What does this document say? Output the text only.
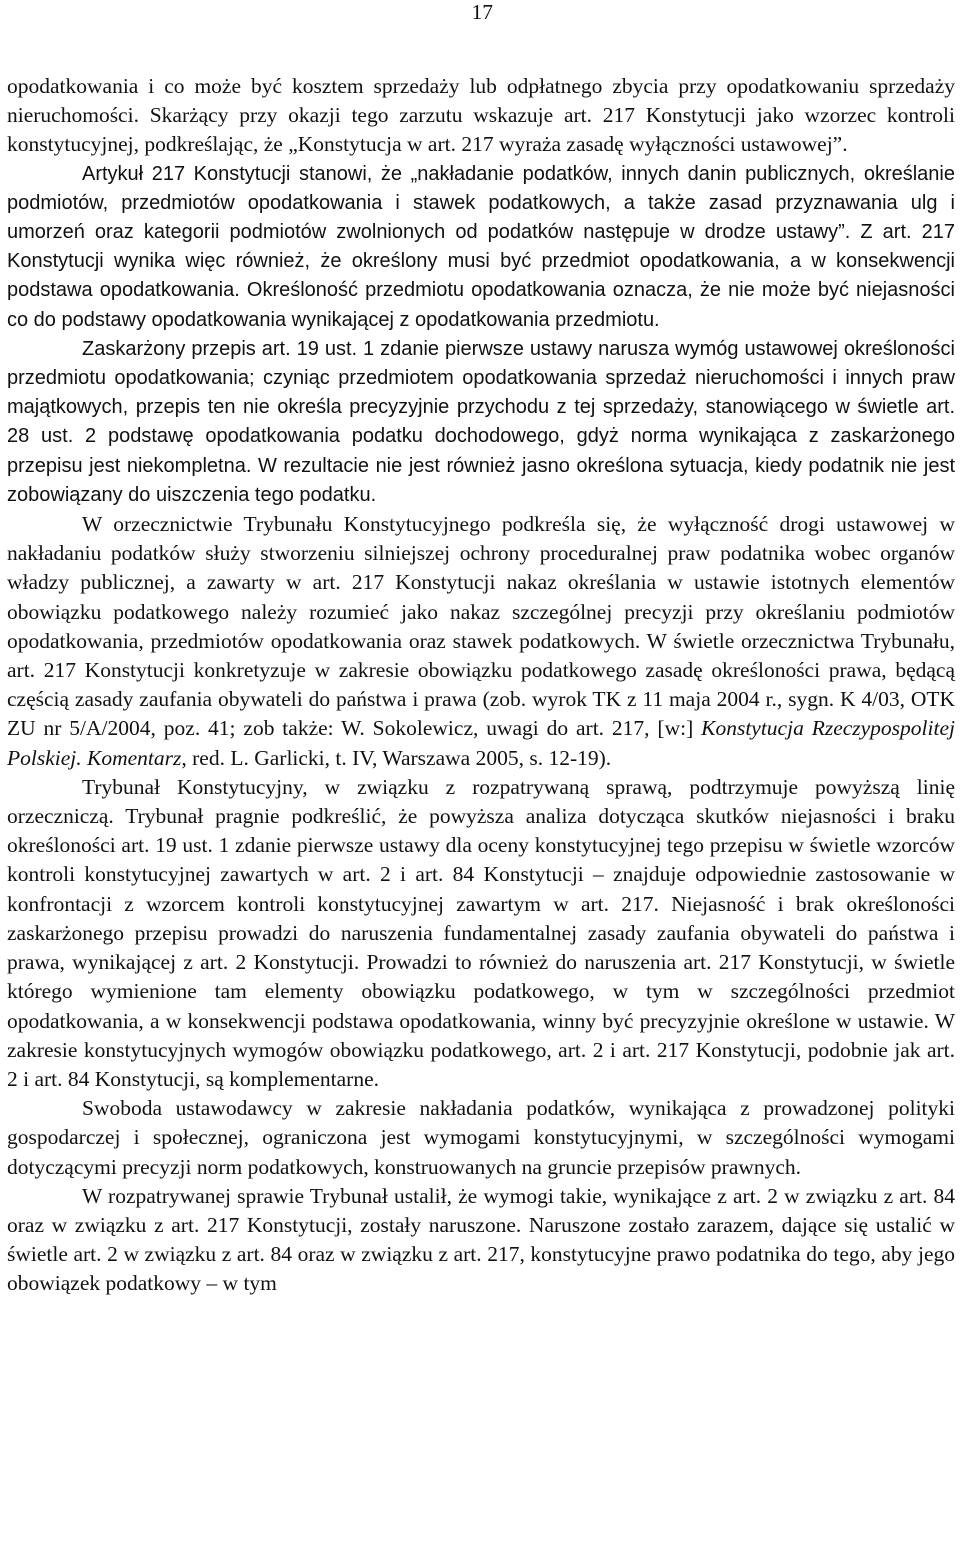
17

opodatkowania i co może być kosztem sprzedaży lub odpłatnego zbycia przy opodatkowaniu sprzedaży nieruchomości. Skarżący przy okazji tego zarzutu wskazuje art. 217 Konstytucji jako wzorzec kontroli konstytucyjnej, podkreślając, że „Konstytucja w art. 217 wyraża zasadę wyłączności ustawowej”.

Artykuł 217 Konstytucji stanowi, że „nakładanie podatków, innych danin publicznych, określanie podmiotów, przedmiotów opodatkowania i stawek podatkowych, a także zasad przyznawania ulg i umorzeń oraz kategorii podmiotów zwolnionych od podatków następuje w drodze ustawy”. Z art. 217 Konstytucji wynika więc również, że określony musi być przedmiot opodatkowania, a w konsekwencji podstawa opodatkowania. Określoność przedmiotu opodatkowania oznacza, że nie może być niejasności co do podstawy opodatkowania wynikającej z opodatkowania przedmiotu.

Zaskarżony przepis art. 19 ust. 1 zdanie pierwsze ustawy narusza wymóg ustawowej określoności przedmiotu opodatkowania; czyniąc przedmiotem opodatkowania sprzedaż nieruchomości i innych praw majątkowych, przepis ten nie określa precyzyjnie przychodu z tej sprzedaży, stanowiącego w świetle art. 28 ust. 2 podstawę opodatkowania podatku dochodowego, gdyż norma wynikająca z zaskarżonego przepisu jest niekompletna. W rezultacie nie jest również jasno określona sytuacja, kiedy podatnik nie jest zobowiązany do uiszczenia tego podatku.

W orzecznictwie Trybunału Konstytucyjnego podkreśla się, że wyłączność drogi ustawowej w nakładaniu podatków służy stworzeniu silniejszej ochrony proceduralnej praw podatnika wobec organów władzy publicznej, a zawarty w art. 217 Konstytucji nakaz określania w ustawie istotnych elementów obowiązku podatkowego należy rozumieć jako nakaz szczególnej precyzji przy określaniu podmiotów opodatkowania, przedmiotów opodatkowania oraz stawek podatkowych. W świetle orzecznictwa Trybunału, art. 217 Konstytucji konkretyzuje w zakresie obowiązku podatkowego zasadę określoności prawa, będącą częścią zasady zaufania obywateli do państwa i prawa (zob. wyrok TK z 11 maja 2004 r., sygn. K 4/03, OTK ZU nr 5/A/2004, poz. 41; zob także: W. Sokolewicz, uwagi do art. 217, [w:] Konstytucja Rzeczypospolitej Polskiej. Komentarz, red. L. Garlicki, t. IV, Warszawa 2005, s. 12-19).

Trybunał Konstytucyjny, w związku z rozpatrywaną sprawą, podtrzymuje powyższą linię orzeczniczą. Trybunał pragnie podkreślić, że powyższa analiza dotycząca skutków niejasności i braku określoności art. 19 ust. 1 zdanie pierwsze ustawy dla oceny konstytucyjnej tego przepisu w świetle wzorców kontroli konstytucyjnej zawartych w art. 2 i art. 84 Konstytucji – znajduje odpowiednie zastosowanie w konfrontacji z wzorcem kontroli konstytucyjnej zawartym w art. 217. Niejasność i brak określoności zaskarżonego przepisu prowadzi do naruszenia fundamentalnej zasady zaufania obywateli do państwa i prawa, wynikającej z art. 2 Konstytucji. Prowadzi to również do naruszenia art. 217 Konstytucji, w świetle którego wymienione tam elementy obowiązku podatkowego, w tym w szczególności przedmiot opodatkowania, a w konsekwencji podstawa opodatkowania, winny być precyzyjnie określone w ustawie. W zakresie konstytucyjnych wymogów obowiązku podatkowego, art. 2 i art. 217 Konstytucji, podobnie jak art. 2 i art. 84 Konstytucji, są komplementarne.

Swoboda ustawodawcy w zakresie nakładania podatków, wynikająca z prowadzonej polityki gospodarczej i społecznej, ograniczona jest wymogami konstytucyjnymi, w szczególności wymogami dotyczącymi precyzji norm podatkowych, konstruowanych na gruncie przepisów prawnych.

W rozpatrywanej sprawie Trybunał ustalił, że wymogi takie, wynikające z art. 2 w związku z art. 84 oraz w związku z art. 217 Konstytucji, zostały naruszone. Naruszone zostało zarazem, dające się ustalić w świetle art. 2 w związku z art. 84 oraz w związku z art. 217, konstytucyjne prawo podatnika do tego, aby jego obowiązek podatkowy – w tym
